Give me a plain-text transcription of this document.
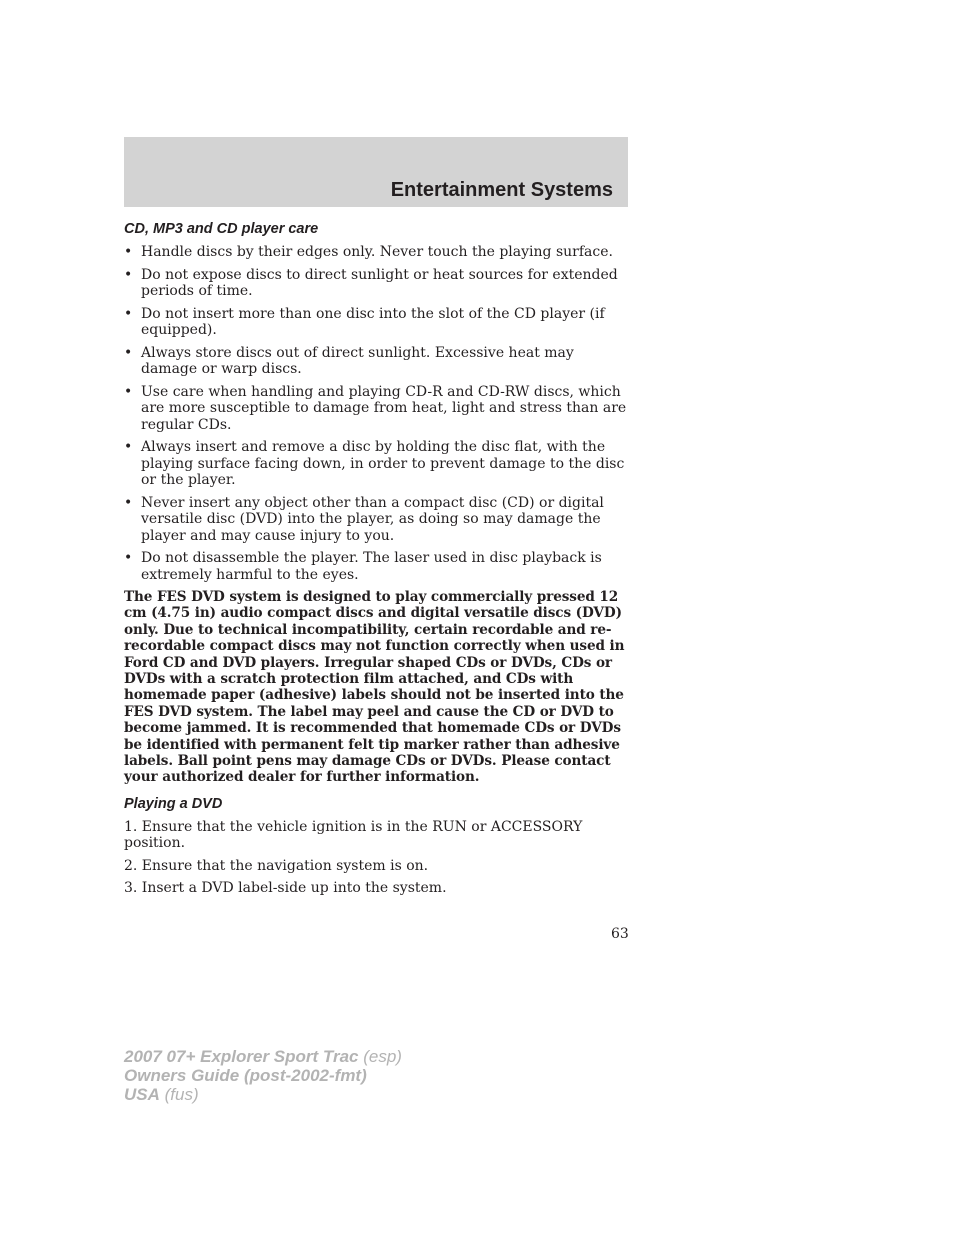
Entertainment Systems
CD, MP3 and CD player care
• Handle discs by their edges only. Never touch the playing surface.
• Do not expose discs to direct sunlight or heat sources for extended periods of time.
• Do not insert more than one disc into the slot of the CD player (if equipped).
• Always store discs out of direct sunlight. Excessive heat may damage or warp discs.
• Use care when handling and playing CD-R and CD-RW discs, which are more susceptible to damage from heat, light and stress than are regular CDs.
• Always insert and remove a disc by holding the disc flat, with the playing surface facing down, in order to prevent damage to the disc or the player.
• Never insert any object other than a compact disc (CD) or digital versatile disc (DVD) into the player, as doing so may damage the player and may cause injury to you.
• Do not disassemble the player. The laser used in disc playback is extremely harmful to the eyes.

The FES DVD system is designed to play commercially pressed 12 cm (4.75 in) audio compact discs and digital versatile discs (DVD) only. Due to technical incompatibility, certain recordable and re-recordable compact discs may not function correctly when used in Ford CD and DVD players. Irregular shaped CDs or DVDs, CDs or DVDs with a scratch protection film attached, and CDs with homemade paper (adhesive) labels should not be inserted into the FES DVD system. The label may peel and cause the CD or DVD to become jammed. It is recommended that homemade CDs or DVDs be identified with permanent felt tip marker rather than adhesive labels. Ball point pens may damage CDs or DVDs. Please contact your authorized dealer for further information.

Playing a DVD

1. Ensure that the vehicle ignition is in the RUN or ACCESSORY position.

2. Ensure that the navigation system is on.

3. Insert a DVD label-side up into the system.

63
2007 07+ Explorer Sport Trac (esp)
Owners Guide (post-2002-fmt)
USA (fus)
